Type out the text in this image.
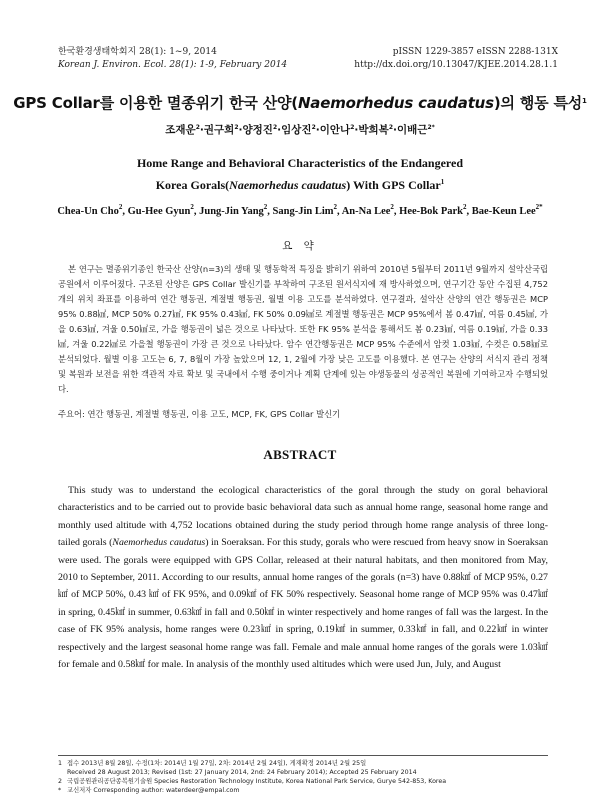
한국환경생태학회지 28(1): 1~9, 2014
Korean J. Environ. Ecol. 28(1): 1-9, February 2014
pISSN 1229-3857 eISSN 2288-131X
http://dx.doi.org/10.13047/KJEE.2014.28.1.1
GPS Collar를 이용한 멸종위기 한국 산양(Naemorhedus caudatus)의 행동 특성$^1$
조재운$^2$·권구희$^2$·양정진$^2$·임상진$^2$·이안나$^2$·박희복$^2$·이배근$^{2*}$
Home Range and Behavioral Characteristics of the Endangered
Korea Gorals(Naemorhedus caudatus) With GPS Collar$^1$
Chea-Un Cho$^2$, Gu-Hee Gyun$^2$, Jung-Jin Yang$^2$, Sang-Jin Lim$^2$, An-Na Lee$^2$, Hee-Bok Park$^2$, Bae-Keun Lee$^{2*}$
요 약
본 연구는 멸종위기종인 한국산 산양(n=3)의 생태 및 행동학적 특징을 밝히기 위하여 2010년 5월부터 2011년 9월까지 설악산국립공원에서 이루어졌다. 구조된 산양은 GPS Collar 발신기를 부착하여 구조된 원서식지에 재 방사하였으며, 연구기간 동안 수집된 4,752개의 위치 좌표를 이용하여 연간 행동권, 계절별 행동권, 월별 이용 고도를 분석하였다. 연구결과, 설악산 산양의 연간 행동권은 MCP 95% 0.88㎢, MCP 50% 0.27㎢, FK 95% 0.43㎢, FK 50% 0.09㎢로 계절별 행동권은 MCP 95%에서 봄 0.47㎢, 여름 0.45㎢, 가을 0.63㎢, 겨울 0.50㎢로, 가을 행동권이 넓은 것으로 나타났다. 또한 FK 95% 분석을 통해서도 봄 0.23㎢, 여름 0.19㎢, 가을 0.33㎢, 겨울 0.22㎢로 가을철 행동권이 가장 큰 것으로 나타났다. 암수 연간행동권은 MCP 95% 수준에서 암컷 1.03㎢, 수컷은 0.58㎢로 분석되었다. 월별 이용 고도는 6, 7, 8월이 가장 높았으며 12, 1, 2월에 가장 낮은 고도를 이용했다. 본 연구는 산양의 서식지 관리 정책 및 복원과 보전을 위한 객관적 자료 확보 및 국내에서 수행 중이거나 계획 단계에 있는 야생동물의 성공적인 복원에 기여하고자 수행되었다.
주요어: 연간 행동권, 계절별 행동권, 이용 고도, MCP, FK, GPS Collar 발신기
ABSTRACT
This study was to understand the ecological characteristics of the goral through the study on goral behavioral characteristics and to be carried out to provide basic behavioral data such as annual home range, seasonal home range and monthly used altitude with 4,752 locations obtained during the study period through home range analysis of three long-tailed gorals (Naemorhedus caudatus) in Soeraksan. For this study, gorals who were rescued from heavy snow in Soeraksan were used. The gorals were equipped with GPS Collar, released at their natural habitats, and then monitored from May, 2010 to September, 2011. According to our results, annual home ranges of the gorals (n=3) have 0.88㎢ of MCP 95%, 0.27㎢ of MCP 50%, 0.43 ㎢ of FK 95%, and 0.09㎢ of FK 50% respectively. Seasonal home range of MCP 95% was 0.47㎢ in spring, 0.45㎢ in summer, 0.63㎢ in fall and 0.50㎢ in winter respectively and home ranges of fall was the largest. In the case of FK 95% analysis, home ranges were 0.23㎢ in spring, 0.19㎢ in summer, 0.33㎢ in fall, and 0.22㎢ in winter respectively and the largest seasonal home range was fall. Female and male annual home ranges of the gorals were 1.03㎢ for female and 0.58㎢ for male. In analysis of the monthly used altitudes which were used Jun, July, and August
1 접수 2013년 8월 28일, 수정(1차: 2014년 1월 27일, 2차: 2014년 2월 24일), 게재확정 2014년 2월 25일
Received 28 August 2013; Revised (1st: 27 January 2014, 2nd: 24 February 2014); Accepted 25 February 2014
2 국립공원관리공단종복원기술원 Species Restoration Technology Institute, Korea National Park Service, Gurye 542-853, Korea
* 교신저자 Corresponding author: waterdeer@empal.com
